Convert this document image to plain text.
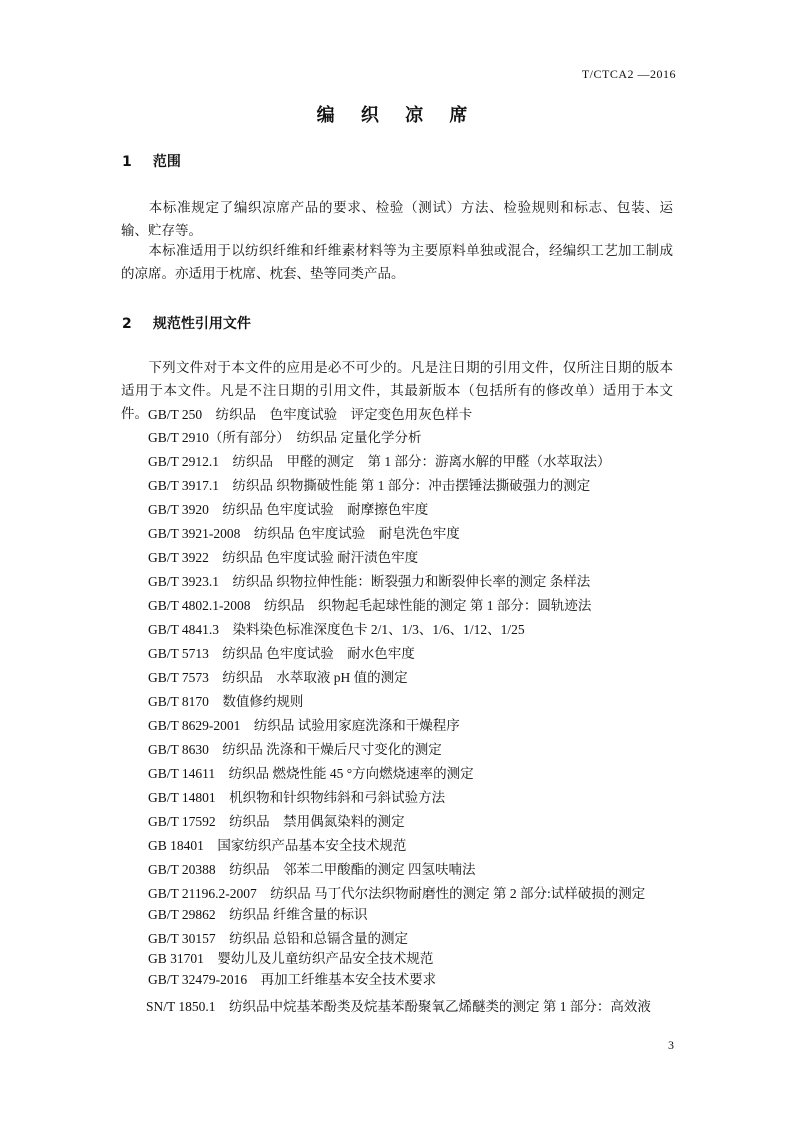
T/CTCA2 —2016
编 织 凉 席
1 范围
本标准规定了编织凉席产品的要求、检验（测试）方法、检验规则和标志、包装、运输、贮存等。
本标准适用于以纺织纤维和纤维素材料等为主要原料单独或混合，经编织工艺加工制成的凉席。亦适用于枕席、枕套、垫等同类产品。
2 规范性引用文件
下列文件对于本文件的应用是必不可少的。凡是注日期的引用文件，仅所注日期的版本适用于本文件。凡是不注日期的引用文件，其最新版本（包括所有的修改单）适用于本文件。 GB/T 250　纺织品　色牢度试验　评定变色用灰色样卡
GB/T 2910（所有部分）　纺织品 定量化学分析
GB/T 2912.1　纺织品　甲醛的测定　第 1 部分：游离水解的甲醛（水萃取法）
GB/T 3917.1　纺织品 织物撕破性能 第 1 部分：冲击摆锤法撕破强力的测定
GB/T 3920　纺织品 色牢度试验　耐摩擦色牢度
GB/T 3921-2008　纺织品 色牢度试验　耐皂洗色牢度
GB/T 3922　纺织品 色牢度试验 耐汗渍色牢度
GB/T 3923.1　纺织品 织物拉伸性能：断裂强力和断裂伸长率的测定 条样法
GB/T 4802.1-2008　纺织品　织物起毛起球性能的测定 第 1 部分：圆轨迹法
GB/T 4841.3　染料染色标准深度色卡 2/1、1/3、1/6、1/12、1/25
GB/T 5713　纺织品 色牢度试验　耐水色牢度
GB/T 7573　纺织品　水萃取液 pH 值的测定
GB/T 8170　数值修约规则
GB/T 8629-2001　纺织品 试验用家庭洗涤和干燥程序
GB/T 8630　纺织品 洗涤和干燥后尺寸变化的测定
GB/T 14611　纺织品 燃烧性能 45 °方向燃烧速率的测定
GB/T 14801　机织物和针织物纬斜和弓斜试验方法
GB/T 17592　纺织品　禁用偶氮染料的测定
GB 18401　国家纺织产品基本安全技术规范
GB/T 20388　纺织品　邻苯二甲酸酯的测定 四氢呋喃法
GB/T 21196.2-2007　纺织品 马丁代尔法织物耐磨性的测定 第 2 部分:试样破损的测定
GB/T 29862　纺织品 纤维含量的标识
GB/T 30157　纺织品 总铅和总镉含量的测定
GB 31701　婴幼儿及儿童纺织产品安全技术规范
GB/T 32479-2016　再加工纤维基本安全技术要求
SN/T 1850.1　纺织品中烷基苯酚类及烷基苯酚聚氧乙烯醚类的测定 第 1 部分：高效液
3
